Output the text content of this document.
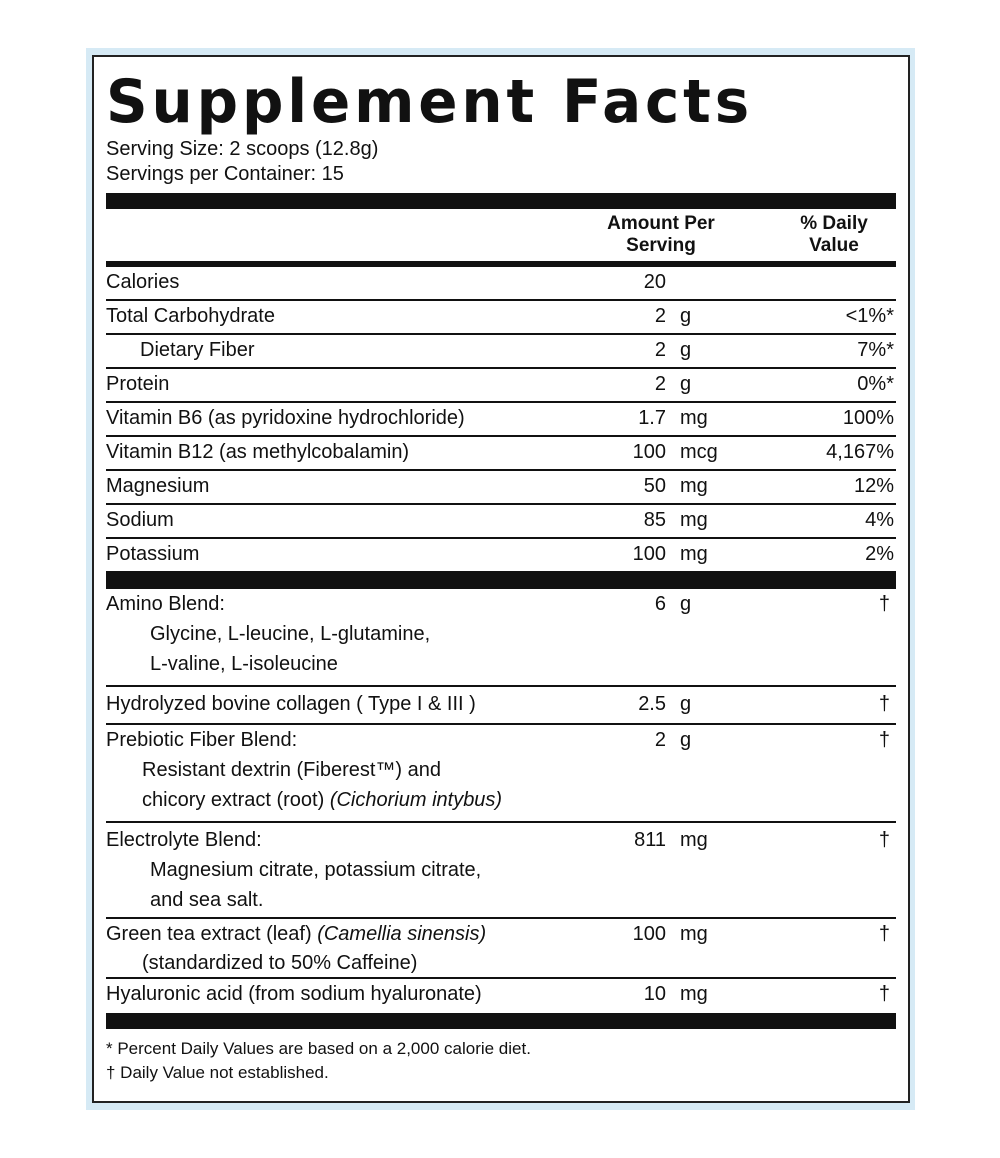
Supplement Facts
Serving Size: 2 scoops (12.8g)
Servings per Container: 15
Amount Per
Serving
% Daily
Value
Calories	20
Total Carbohydrate	2 g	<1%*
Dietary Fiber	2 g	7%*
Protein	2 g	0%*
Vitamin B6 (as pyridoxine hydrochloride)	1.7 mg	100%
Vitamin B12 (as methylcobalamin)	100 mcg	4,167%
Magnesium	50 mg	12%
Sodium	85 mg	4%
Potassium	100 mg	2%
Amino Blend:
Glycine, L-leucine, L-glutamine,
L-valine, L-isoleucine
6 g	†
Hydrolyzed bovine collagen ( Type I & III )	2.5 g	†
Prebiotic Fiber Blend:
Resistant dextrin (Fiberest™) and
chicory extract (root) (Cichorium intybus)
2 g	†
Electrolyte Blend:
Magnesium citrate, potassium citrate,
and sea salt.
811 mg	†
Green tea extract (leaf) (Camellia sinensis)
(standardized to 50% Caffeine)
100 mg	†
Hyaluronic acid (from sodium hyaluronate)	10 mg	†
* Percent Daily Values are based on a 2,000 calorie diet.
† Daily Value not established.
